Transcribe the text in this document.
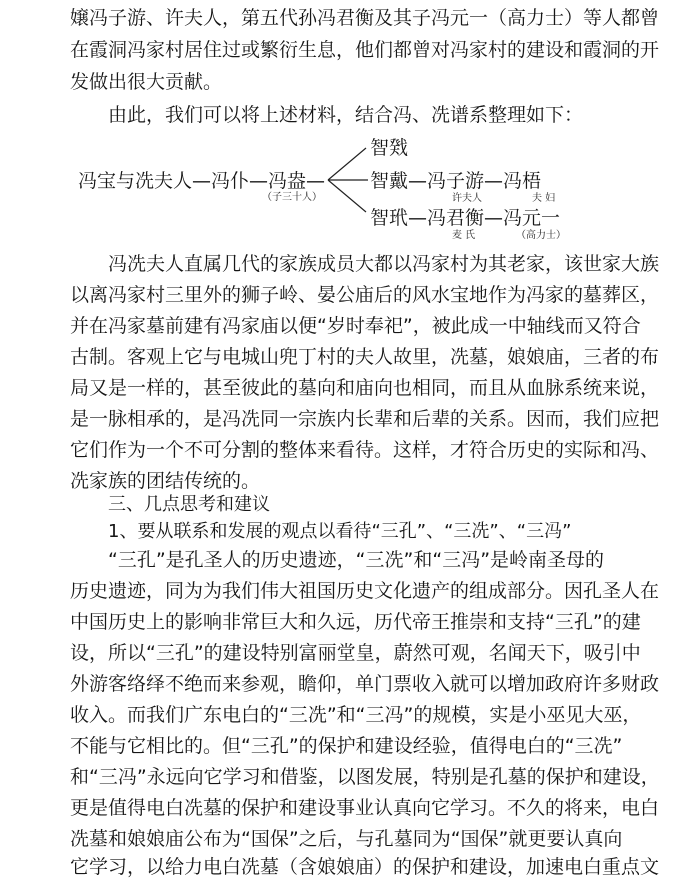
嬢冯子游、许夫人，第五代孙冯君衡及其子冯元一（高力士）等人都曾
在霞洞冯家村居住过或繁衍生息，他们都曾对冯家村的建设和霞洞的开
发做出很大贡献。
由此，我们可以将上述材料，结合冯、冼谱系整理如下：
冯宝与冼夫人—冯仆—冯盎—
（子三十人）
智戣
智戴—冯子游—冯梧
许夫人	夫 妇
智玳—冯君衡—冯元一
麦 氏	（高力士）
冯冼夫人直属几代的家族成员大都以冯家村为其老家，该世家大族
以离冯家村三里外的狮子岭、晏公庙后的风水宝地作为冯家的墓葬区，
并在冯家墓前建有冯家庙以便“岁时奉祀”，被此成一中轴线而又符合
古制。客观上它与电城山兜丁村的夫人故里，冼墓，娘娘庙，三者的布
局又是一样的，甚至彼此的墓向和庙向也相同，而且从血脉系统来说，
是一脉相承的，是冯冼同一宗族内长辈和后辈的关系。因而，我们应把
它们作为一个不可分割的整体来看待。这样，才符合历史的实际和冯、
冼家族的团结传统的。
三、几点思考和建议
1、要从联系和发展的观点以看待“三孔”、“三冼”、“三冯”
“三孔”是孔圣人的历史遗迹，“三冼”和“三冯”是岭南圣母的
历史遗迹，同为为我们伟大祖国历史文化遗产的组成部分。因孔圣人在
中国历史上的影响非常巨大和久远，历代帝王推崇和支持“三孔”的建
设，所以“三孔”的建设特别富丽堂皇，蔚然可观，名闻天下，吸引中
外游客络绎不绝而来参观，瞻仰，单门票收入就可以增加政府许多财政
收入。而我们广东电白的“三冼”和“三冯”的规模，实是小巫见大巫，
不能与它相比的。但“三孔”的保护和建设经验，值得电白的“三冼”
和“三冯”永远向它学习和借鉴，以图发展，特别是孔墓的保护和建设，
更是值得电白冼墓的保护和建设事业认真向它学习。不久的将来，电白
冼墓和娘娘庙公布为“国保”之后，与孔墓同为“国保”就更要认真向
它学习，以给力电白冼墓（含娘娘庙）的保护和建设，加速电白重点文
